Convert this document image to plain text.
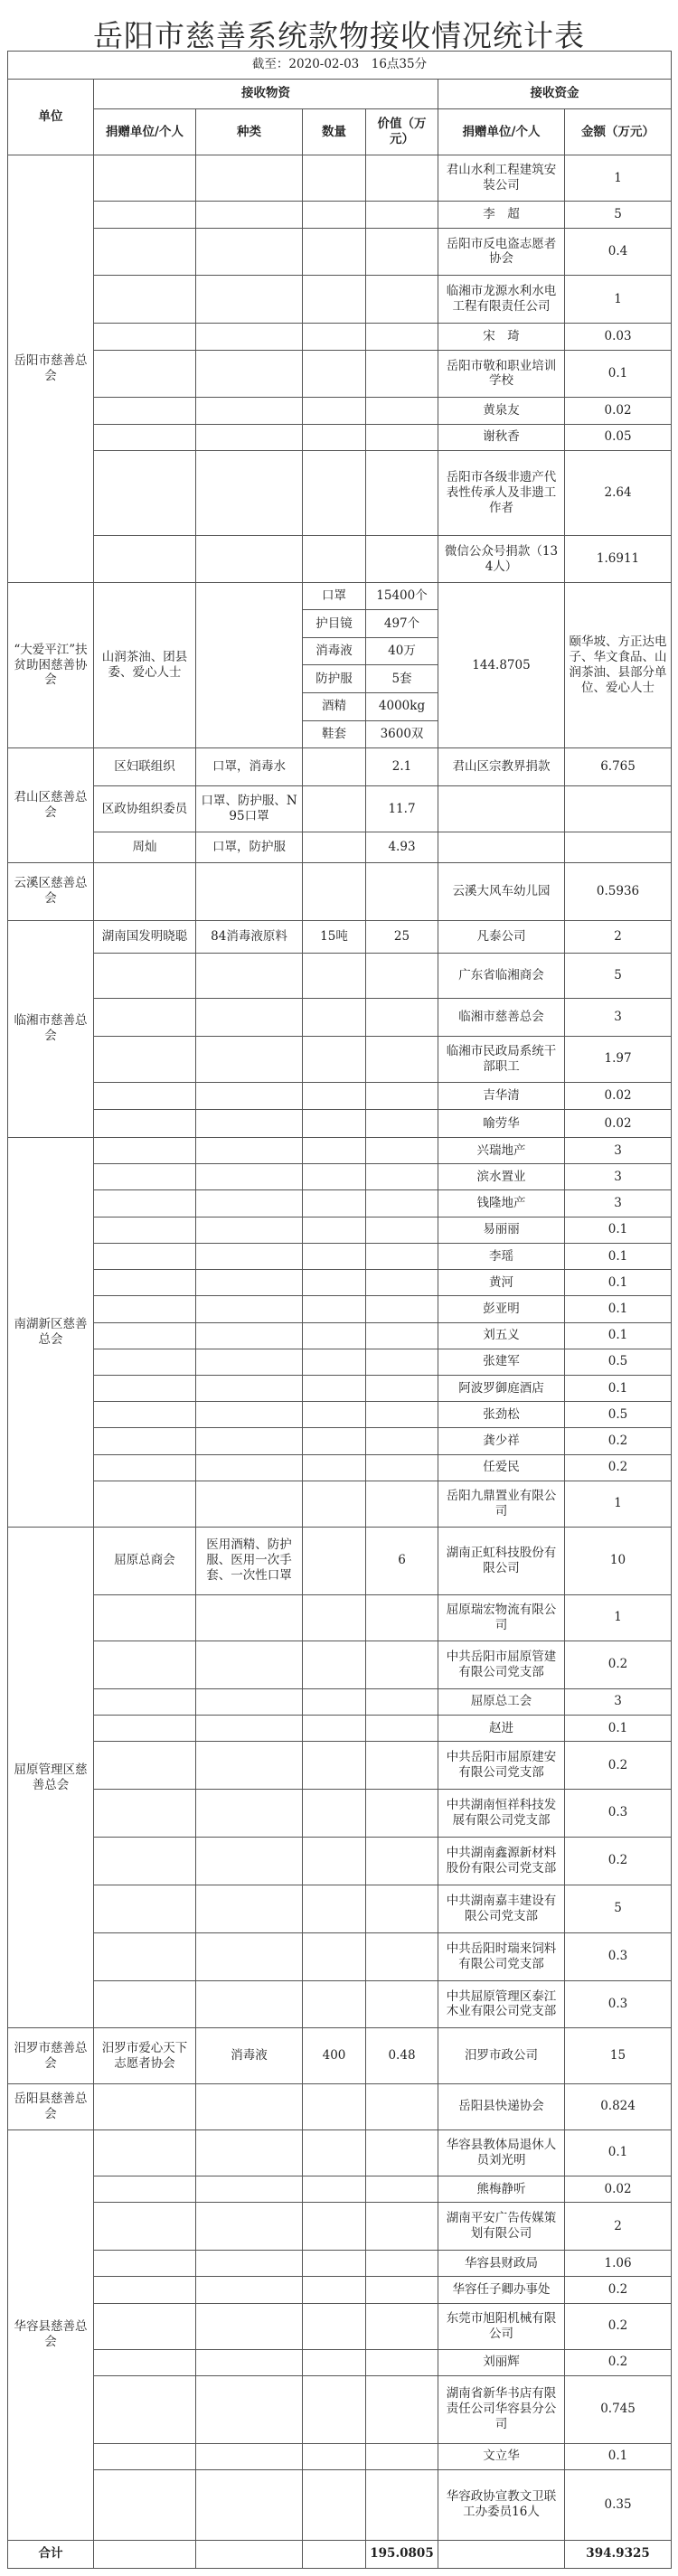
岳阳市慈善系统款物接收情况统计表
截至：2020-02-03　16点35分							
单位	接收物资				接收资金		
	捐赠单位/个人	种类	数量	价值（万元）	捐赠单位/个人	金额（万元）	
岳阳市慈善总会					君山水利工程建筑安装公司	1	
					李　超	5	
					岳阳市反电盗志愿者协会	0.4	
					临湘市龙源水利水电工程有限责任公司	1	
					宋　琦	0.03	
					岳阳市敬和职业培训学校	0.1	
					黄泉友	0.02	
					谢秋香	0.05	
					岳阳市各级非遗产代表性传承人及非遗工作者	2.64	
					微信公众号捐款（134人）	1.6911	
“大爱平江”扶贫助困慈善协会	山润茶油、团县委、爱心人士		口罩	15400个	144.8705	颐华坡、方正达电子、华文食品、山润茶油、县部分单位、爱心人士	
			护目镜	497个			
			消毒液	40万			
			防护服	5套			
			酒精	4000kg			
			鞋套	3600双			
君山区慈善总会	区妇联组织	口罩，消毒水		2.1	君山区宗教界捐款	6.765	
	区政协组织委员	口罩、防护服、N95口罩		11.7			
	周灿	口罩，防护服		4.93			
云溪区慈善总会					云溪大风车幼儿园	0.5936	
临湘市慈善总会	湖南国发明晓聪	84消毒液原料	15吨	25	凡泰公司	2	
					广东省临湘商会	5	
					临湘市慈善总会	3	
					临湘市民政局系统干部职工	1.97	
					吉华清	0.02	
					喻劳华	0.02	
南湖新区慈善总会					兴瑞地产	3	
					滨水置业	3	
					钱隆地产	3	
					易丽丽	0.1	
					李瑶	0.1	
					黄河	0.1	
					彭亚明	0.1	
					刘五义	0.1	
					张建军	0.5	
					阿波罗御庭酒店	0.1	
					张劲松	0.5	
					龚少祥	0.2	
					任爱民	0.2	
					岳阳九鼎置业有限公司	1	
屈原管理区慈善总会	屈原总商会	医用酒精、防护服、医用一次手套、一次性口罩		6	湖南正虹科技股份有限公司	10	
					屈原瑞宏物流有限公司	1	
					中共岳阳市屈原管建有限公司党支部	0.2	
					屈原总工会	3	
					赵进	0.1	
					中共岳阳市屈原建安有限公司党支部	0.2	
					中共湖南恒祥科技发展有限公司党支部	0.3	
					中共湖南鑫源新材料股份有限公司党支部	0.2	
					中共湖南嘉丰建设有限公司党支部	5	
					中共岳阳时瑞来饲料有限公司党支部	0.3	
					中共屈原管理区泰江木业有限公司党支部	0.3	
汨罗市慈善总会	汨罗市爱心天下志愿者协会	消毒液	400	0.48	汨罗市政公司	15	
岳阳县慈善总会					岳阳县快递协会	0.824	
华容县慈善总会					华容县教体局退休人员刘光明	0.1	
					熊梅静听	0.02	
					湖南平安广告传媒策划有限公司	2	
					华容县财政局	1.06	
					华容任子卿办事处	0.2	
					东莞市旭阳机械有限公司	0.2	
					刘丽辉	0.2	
					湖南省新华书店有限责任公司华容县分公司	0.745	
					文立华	0.1	
					华容政协宣教文卫联工办委员16人	0.35	
合计				195.0805		394.9325	
